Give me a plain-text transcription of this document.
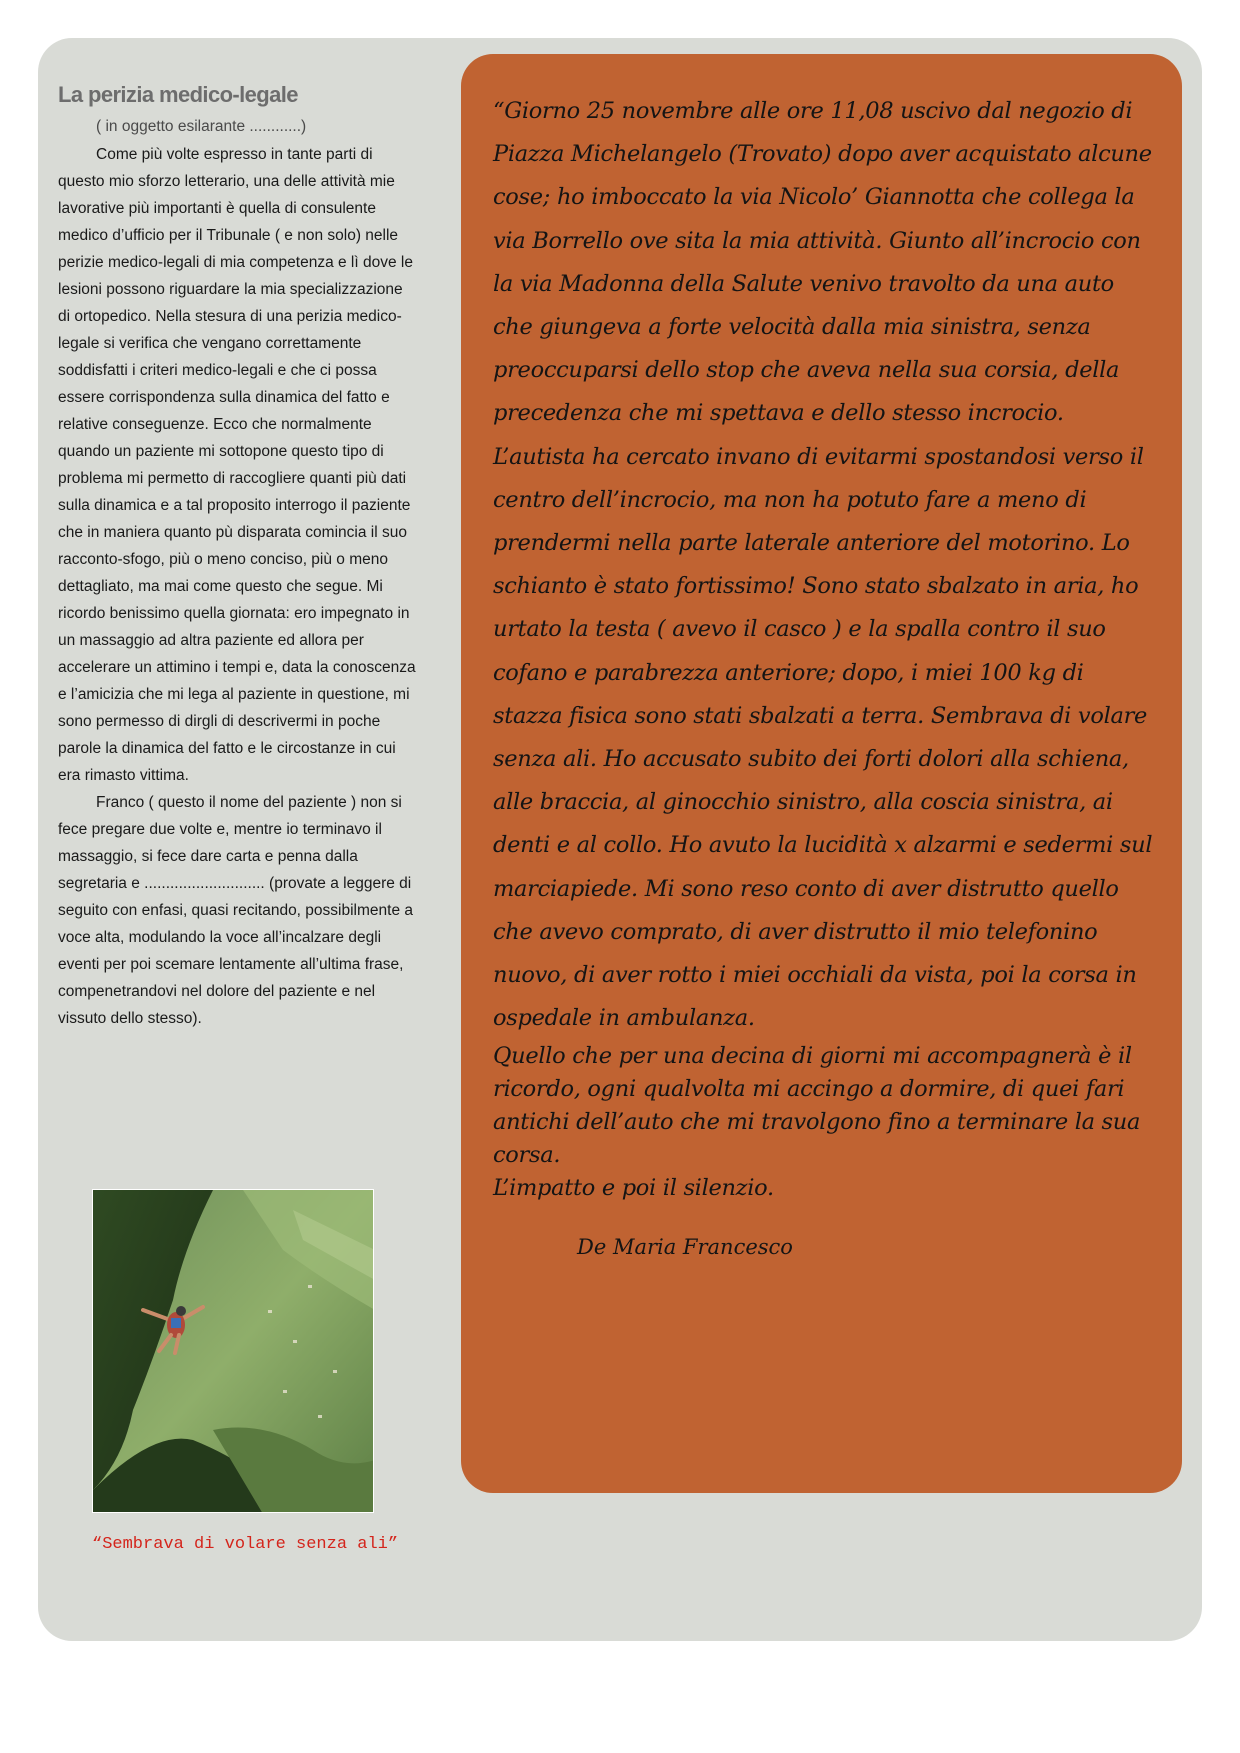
La perizia medico-legale

( in oggetto esilarante ............)

Come più volte espresso in tante parti di questo mio sforzo letterario, una delle attività mie lavorative più importanti è quella di consulente medico d’ufficio per il Tribunale ( e non solo) nelle perizie medico-legali di mia competenza e lì dove le lesioni possono riguardare la mia specializzazione di ortopedico. Nella stesura di una perizia medico-legale si verifica che vengano correttamente soddisfatti i criteri medico-legali e che ci possa essere corrispondenza sulla dinamica del fatto e relative conseguenze. Ecco che normalmente quando un paziente mi sottopone questo tipo di problema mi permetto di raccogliere quanti più dati sulla dinamica e a tal proposito interrogo il paziente che in maniera quanto pù disparata comincia il suo racconto-sfogo, più o meno conciso, più o meno dettagliato, ma mai come questo che segue. Mi ricordo benissimo quella giornata: ero impegnato in un massaggio ad altra paziente ed allora per accelerare un attimino i tempi e, data la conoscenza e l’amicizia che mi lega al paziente in questione, mi sono permesso di dirgli di descrivermi in poche parole la dinamica del fatto e le circostanze in cui era rimasto vittima.

Franco ( questo il nome del paziente ) non si fece pregare due volte e, mentre io terminavo il massaggio, si fece dare carta e penna dalla segretaria e ............................ (provate a leggere di seguito con enfasi, quasi recitando, possibilmente a voce alta, modulando la voce all’incalzare degli eventi per poi scemare lentamente all’ultima frase, compenetrandovi nel dolore del paziente e nel vissuto dello stesso).

“Sembrava di volare senza ali”

“Giorno 25 novembre alle ore 11,08 uscivo dal negozio di Piazza Michelangelo (Trovato) dopo aver acquistato alcune cose; ho imboccato la via Nicolo’ Giannotta che collega la via Borrello ove sita la mia attività. Giunto all’incrocio con la via Madonna della Salute venivo travolto da una auto che giungeva a forte velocità dalla mia sinistra, senza preoccuparsi dello stop che aveva nella sua corsia, della precedenza che mi spettava e dello stesso incrocio. L’autista ha cercato invano di evitarmi spostandosi verso il centro dell’incrocio, ma non ha potuto fare a meno di prendermi nella parte laterale anteriore del motorino. Lo schianto è stato fortissimo! Sono stato sbalzato in aria, ho urtato la testa ( avevo il casco ) e la spalla contro il suo cofano e parabrezza anteriore; dopo, i miei 100 kg di stazza fisica sono stati sbalzati a terra. Sembrava di volare senza ali. Ho accusato subito dei forti dolori alla schiena, alle braccia, al ginocchio sinistro, alla coscia sinistra, ai denti e al collo. Ho avuto la lucidità x alzarmi e sedermi sul marciapiede. Mi sono reso conto di aver distrutto quello che avevo comprato, di aver distrutto il mio telefonino nuovo, di aver rotto i miei occhiali da vista, poi la corsa in ospedale in ambulanza.

Quello che per una decina di giorni mi accompagnerà è il ricordo, ogni qualvolta mi accingo a dormire, di quei fari antichi dell’auto che mi travolgono fino a terminare la sua corsa.

L’impatto e poi il silenzio.

De Maria Francesco
